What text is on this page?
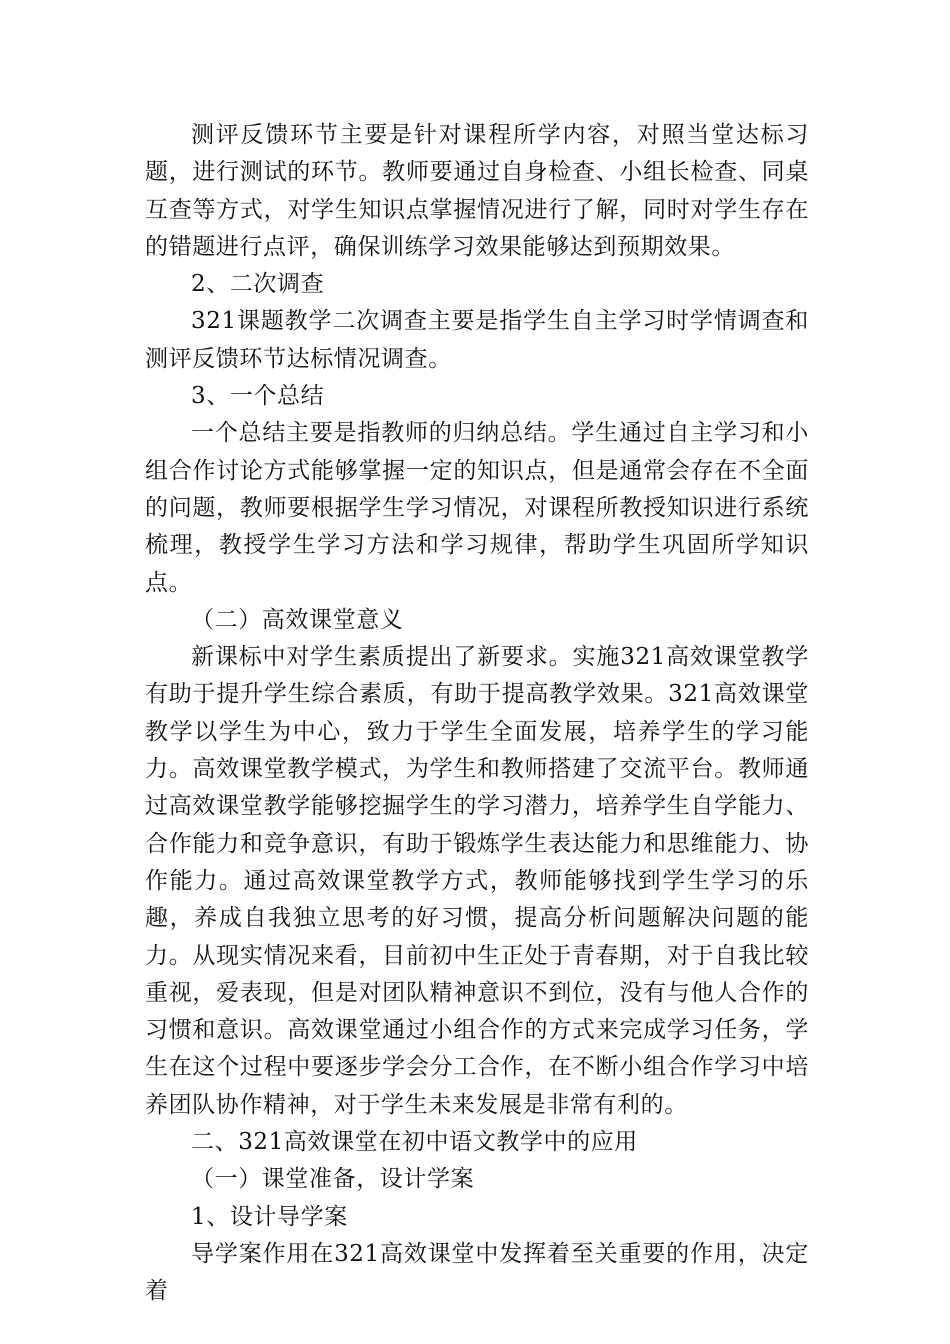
测评反馈环节主要是针对课程所学内容，对照当堂达标习题，进行测试的环节。教师要通过自身检查、小组长检查、同桌互查等方式，对学生知识点掌握情况进行了解，同时对学生存在的错题进行点评，确保训练学习效果能够达到预期效果。

2、二次调查

321课题教学二次调查主要是指学生自主学习时学情调查和测评反馈环节达标情况调查。

3、一个总结

一个总结主要是指教师的归纳总结。学生通过自主学习和小组合作讨论方式能够掌握一定的知识点，但是通常会存在不全面的问题，教师要根据学生学习情况，对课程所教授知识进行系统梳理，教授学生学习方法和学习规律，帮助学生巩固所学知识点。

（二）高效课堂意义

新课标中对学生素质提出了新要求。实施321高效课堂教学有助于提升学生综合素质，有助于提高教学效果。321高效课堂教学以学生为中心，致力于学生全面发展，培养学生的学习能力。高效课堂教学模式，为学生和教师搭建了交流平台。教师通过高效课堂教学能够挖掘学生的学习潜力，培养学生自学能力、合作能力和竞争意识，有助于锻炼学生表达能力和思维能力、协作能力。通过高效课堂教学方式，教师能够找到学生学习的乐趣，养成自我独立思考的好习惯，提高分析问题解决问题的能力。从现实情况来看，目前初中生正处于青春期，对于自我比较重视，爱表现，但是对团队精神意识不到位，没有与他人合作的习惯和意识。高效课堂通过小组合作的方式来完成学习任务，学生在这个过程中要逐步学会分工合作，在不断小组合作学习中培养团队协作精神，对于学生未来发展是非常有利的。

二、321高效课堂在初中语文教学中的应用

（一）课堂准备，设计学案

1、设计导学案

导学案作用在321高效课堂中发挥着至关重要的作用，决定着
